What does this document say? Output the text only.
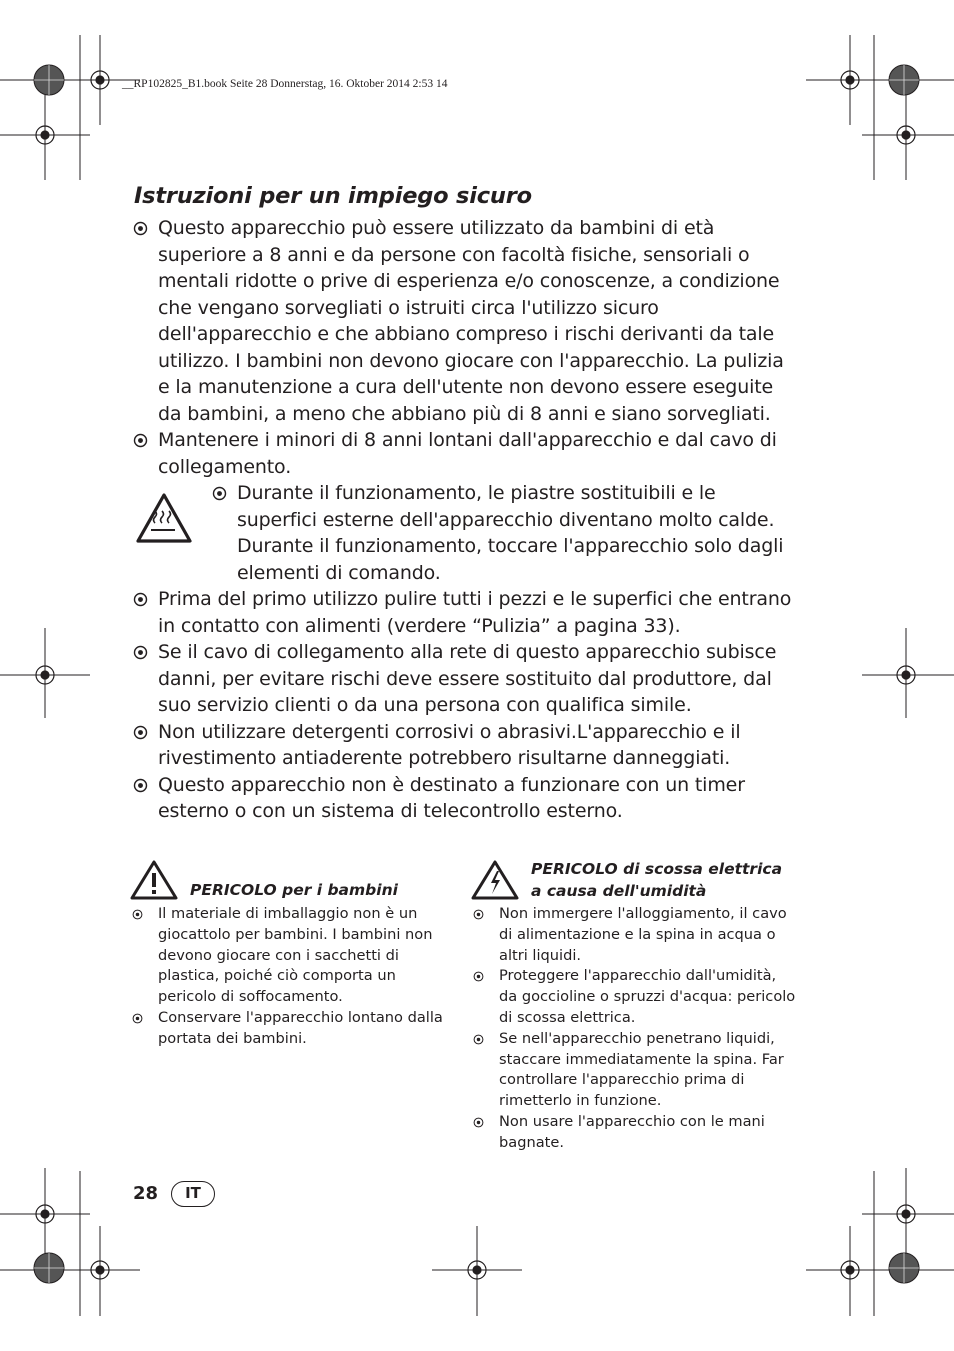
__RP102825_B1.book Seite 28 Donnerstag, 16. Oktober 2014 2:53 14
Istruzioni per un impiego sicuro
Questo apparecchio può essere utilizzato da bambini di età superiore a 8 anni e da persone con facoltà fisiche, sensoriali o mentali ridotte o prive di esperienza e/o conoscenze, a condizione che vengano sorvegliati o istruiti circa l'utilizzo sicuro dell'apparecchio e che abbiano compreso i rischi derivanti da tale utilizzo. I bambini non devono giocare con l'apparecchio. La pulizia e la manutenzione a cura dell'utente non devono essere eseguite da bambini, a meno che abbiano più di 8 anni e siano sorvegliati.
Mantenere i minori di 8 anni lontani dall'apparecchio e dal cavo di collegamento.
Durante il funzionamento, le piastre sostituibili e le superfici esterne dell'apparecchio diventano molto calde. Durante il funzionamento, toccare l'apparecchio solo dagli elementi di comando.
Prima del primo utilizzo pulire tutti i pezzi e le superfici che entrano in contatto con alimenti (verdere “Pulizia” a pagina 33).
Se il cavo di collegamento alla rete di questo apparecchio subisce danni, per evitare rischi deve essere sostituito dal produttore, dal suo servizio clienti o da una persona con qualifica simile.
Non utilizzare detergenti corrosivi o abrasivi.L'apparecchio e il rivestimento antiaderente potrebbero risultarne danneggiati.
Questo apparecchio non è destinato a funzionare con un timer esterno o con un sistema di telecontrollo esterno.
PERICOLO per i bambini
Il materiale di imballaggio non è un giocattolo per bambini. I bambini non devono giocare con i sacchetti di plastica, poiché ciò comporta un pericolo di soffocamento.
Conservare l'apparecchio lontano dalla portata dei bambini.
PERICOLO di scossa elettrica a causa dell'umidità
Non immergere l'alloggiamento, il cavo di alimentazione e la spina in acqua o altri liquidi.
Proteggere l'apparecchio dall'umidità, da goccioline o spruzzi d'acqua: pericolo di scossa elettrica.
Se nell'apparecchio penetrano liquidi, staccare immediatamente la spina. Far controllare l'apparecchio prima di rimetterlo in funzione.
Non usare l'apparecchio con le mani bagnate.
28	IT
